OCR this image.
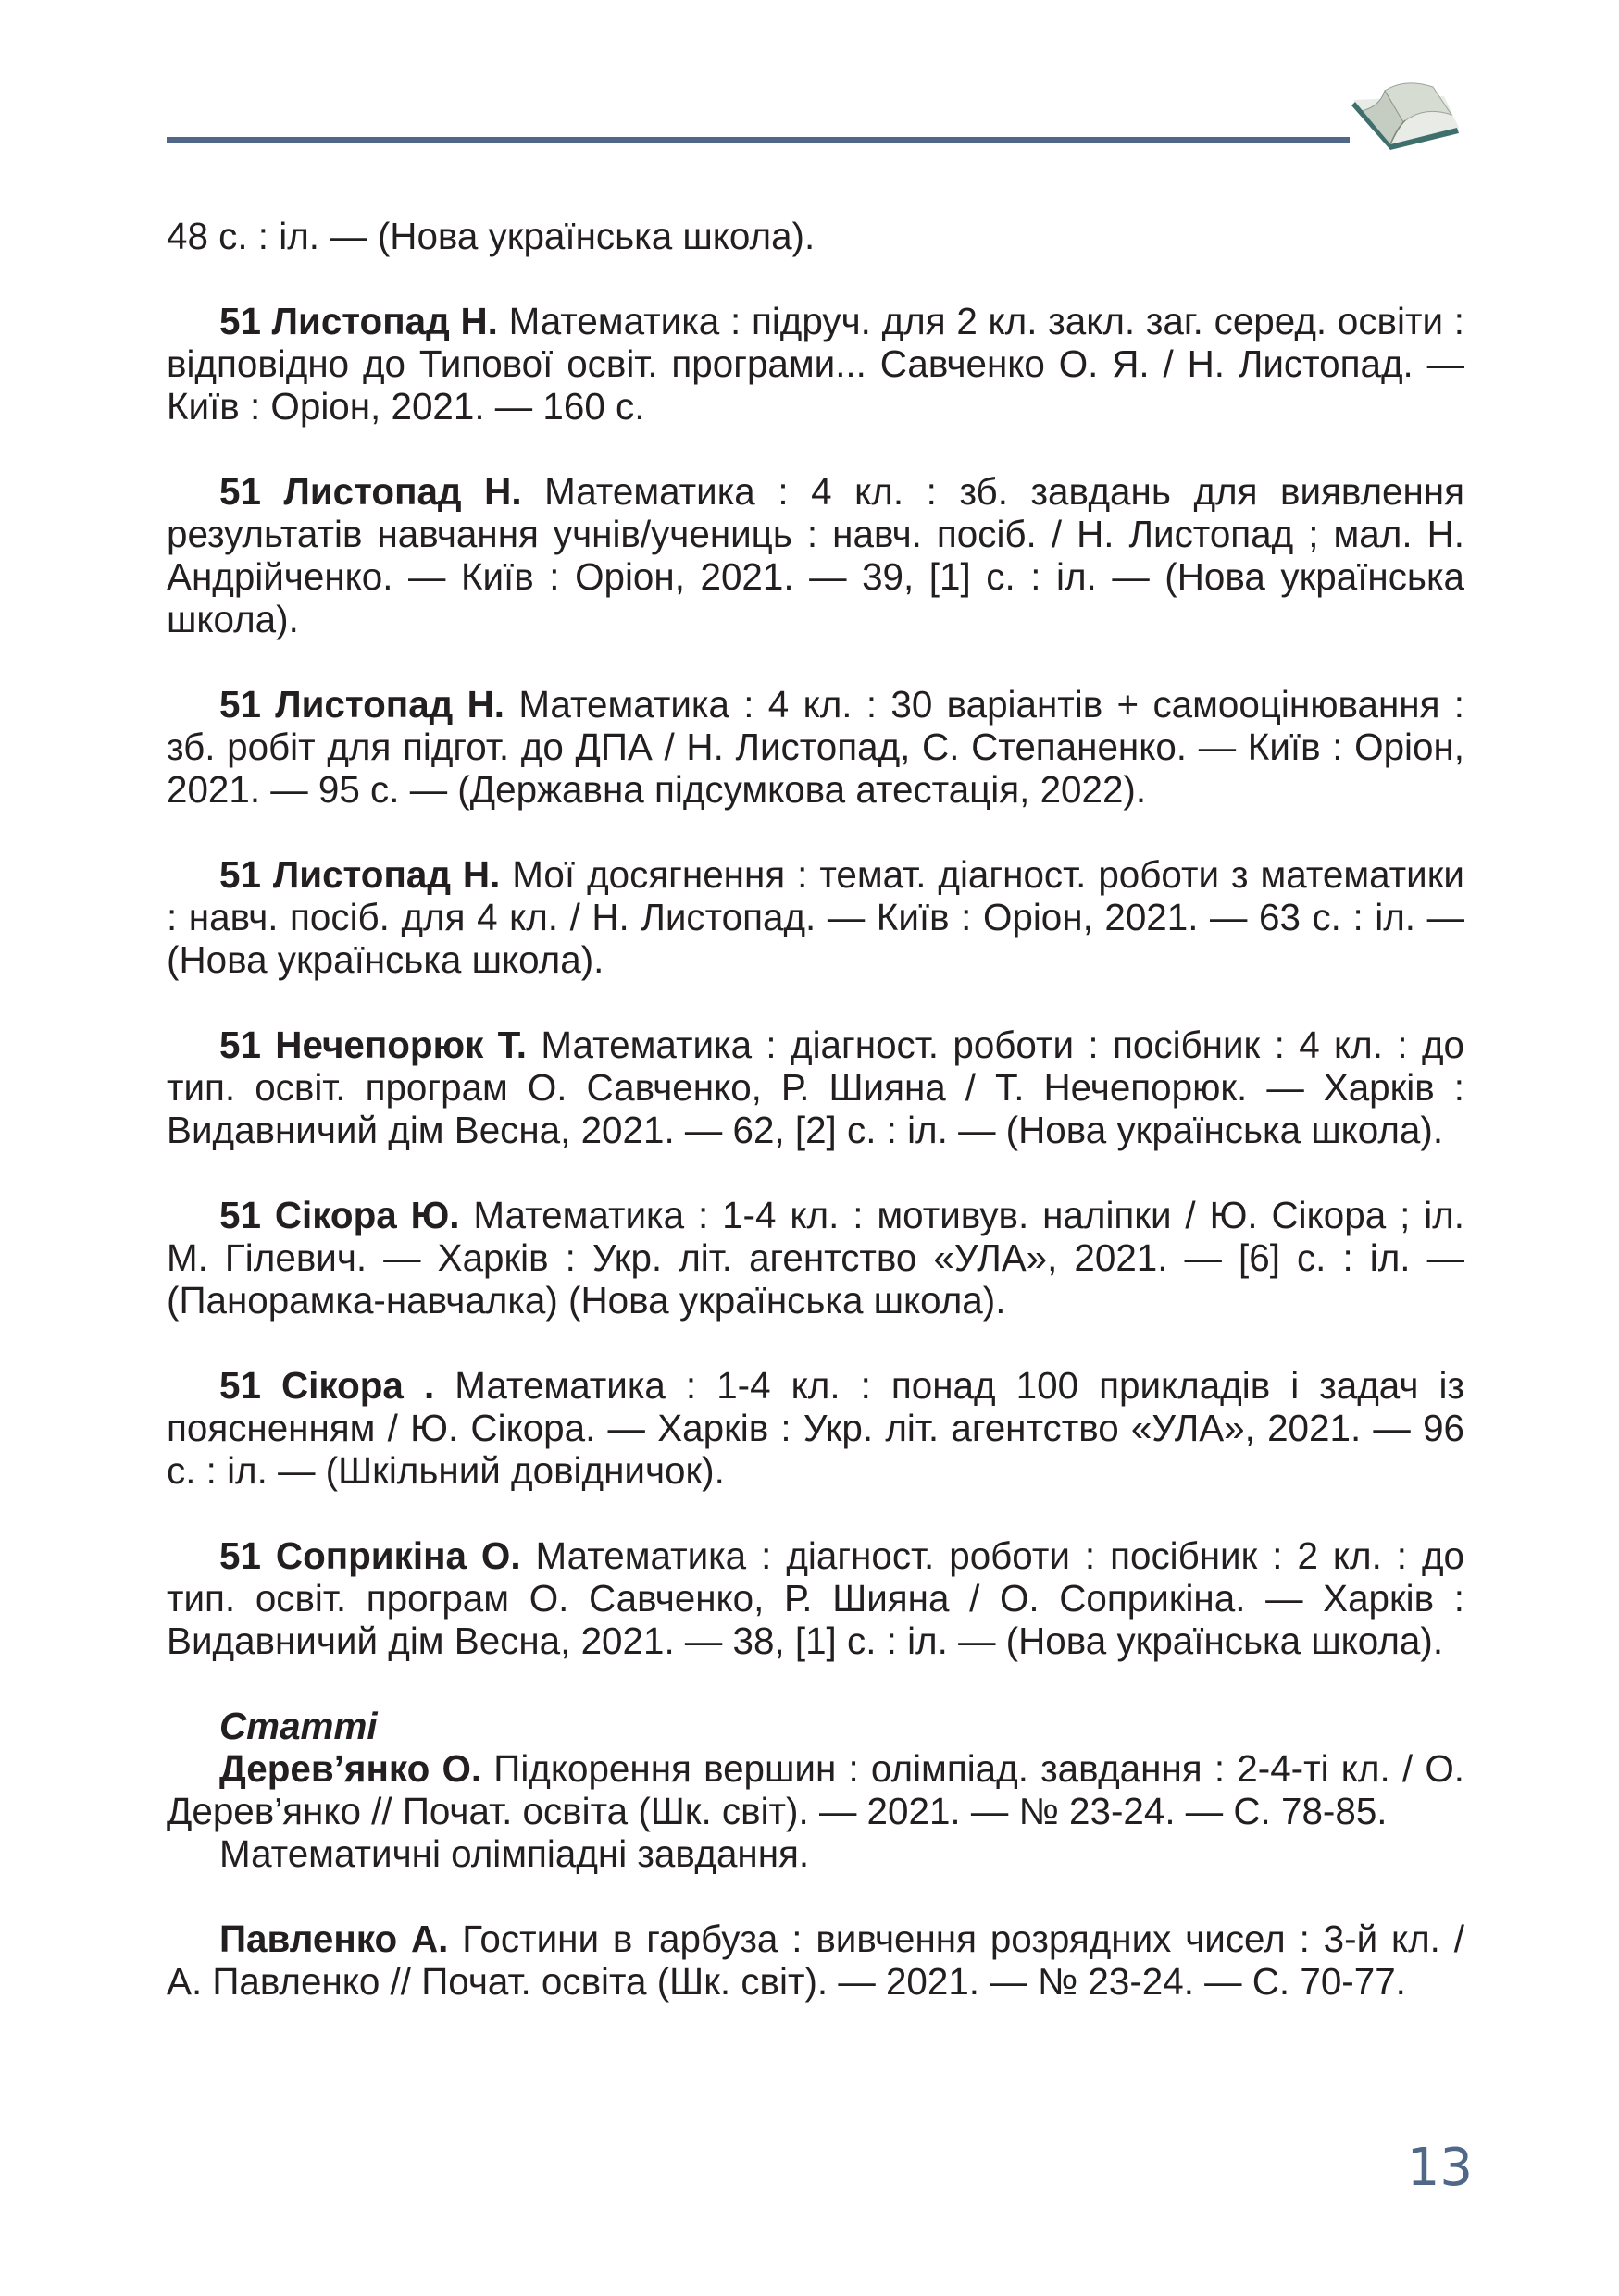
48 с. : іл. — (Нова українська школа).

51 Листопад Н. Математика : підруч. для 2 кл. закл. заг. серед. освіти : відповідно до Типової освіт. програми... Савченко О. Я. / Н. Листопад. — Київ : Оріон, 2021. — 160 с.

51 Листопад Н. Математика : 4 кл. : зб. завдань для виявлення результатів навчання учнів/учениць : навч. посіб. / Н. Листопад ; мал. Н. Андрійченко. — Київ : Оріон, 2021. — 39, [1] с. : іл. — (Нова українська школа).

51 Листопад Н. Математика : 4 кл. : 30 варіантів + самооцінювання : зб. робіт для підгот. до ДПА / Н. Листопад, С. Степаненко. — Київ : Оріон, 2021. — 95 с. — (Державна підсумкова атестація, 2022).

51 Листопад Н. Мої досягнення : темат. діагност. роботи з математики : навч. посіб. для 4 кл. / Н. Листопад. — Київ : Оріон, 2021. — 63 с. : іл. — (Нова українська школа).

51 Нечепорюк Т. Математика : діагност. роботи : посібник : 4 кл. : до тип. освіт. програм О. Савченко, Р. Шияна / Т. Нечепорюк. — Харків : Видавничий дім Весна, 2021. — 62, [2] с. : іл. — (Нова українська школа).

51 Сікора Ю. Математика : 1-4 кл. : мотивув. наліпки / Ю. Сікора ; іл. М. Гілевич. — Харків : Укр. літ. агентство «УЛА», 2021. — [6] с. : іл. — (Панорамка-навчалка) (Нова українська школа).

51 Сікора . Математика : 1-4 кл. : понад 100 прикладів і задач із поясненням / Ю. Сікора. — Харків : Укр. літ. агентство «УЛА», 2021. — 96 с. : іл. — (Шкільний довідничок).

51 Соприкіна О. Математика : діагност. роботи : посібник : 2 кл. : до тип. освіт. програм О. Савченко, Р. Шияна / О. Соприкіна. — Харків : Видавничий дім Весна, 2021. — 38, [1] с. : іл. — (Нова українська школа).

Статті

Дерев’янко О. Підкорення вершин : олімпіад. завдання : 2-4-ті кл. / О. Дерев’янко // Почат. освіта (Шк. світ). — 2021. — № 23-24. — С. 78-85.

Математичні олімпіадні завдання.

Павленко А. Гостини в гарбуза : вивчення розрядних чисел : 3-й кл. / А. Павленко // Почат. освіта (Шк. світ). — 2021. — № 23-24. — С. 70-77.

13
